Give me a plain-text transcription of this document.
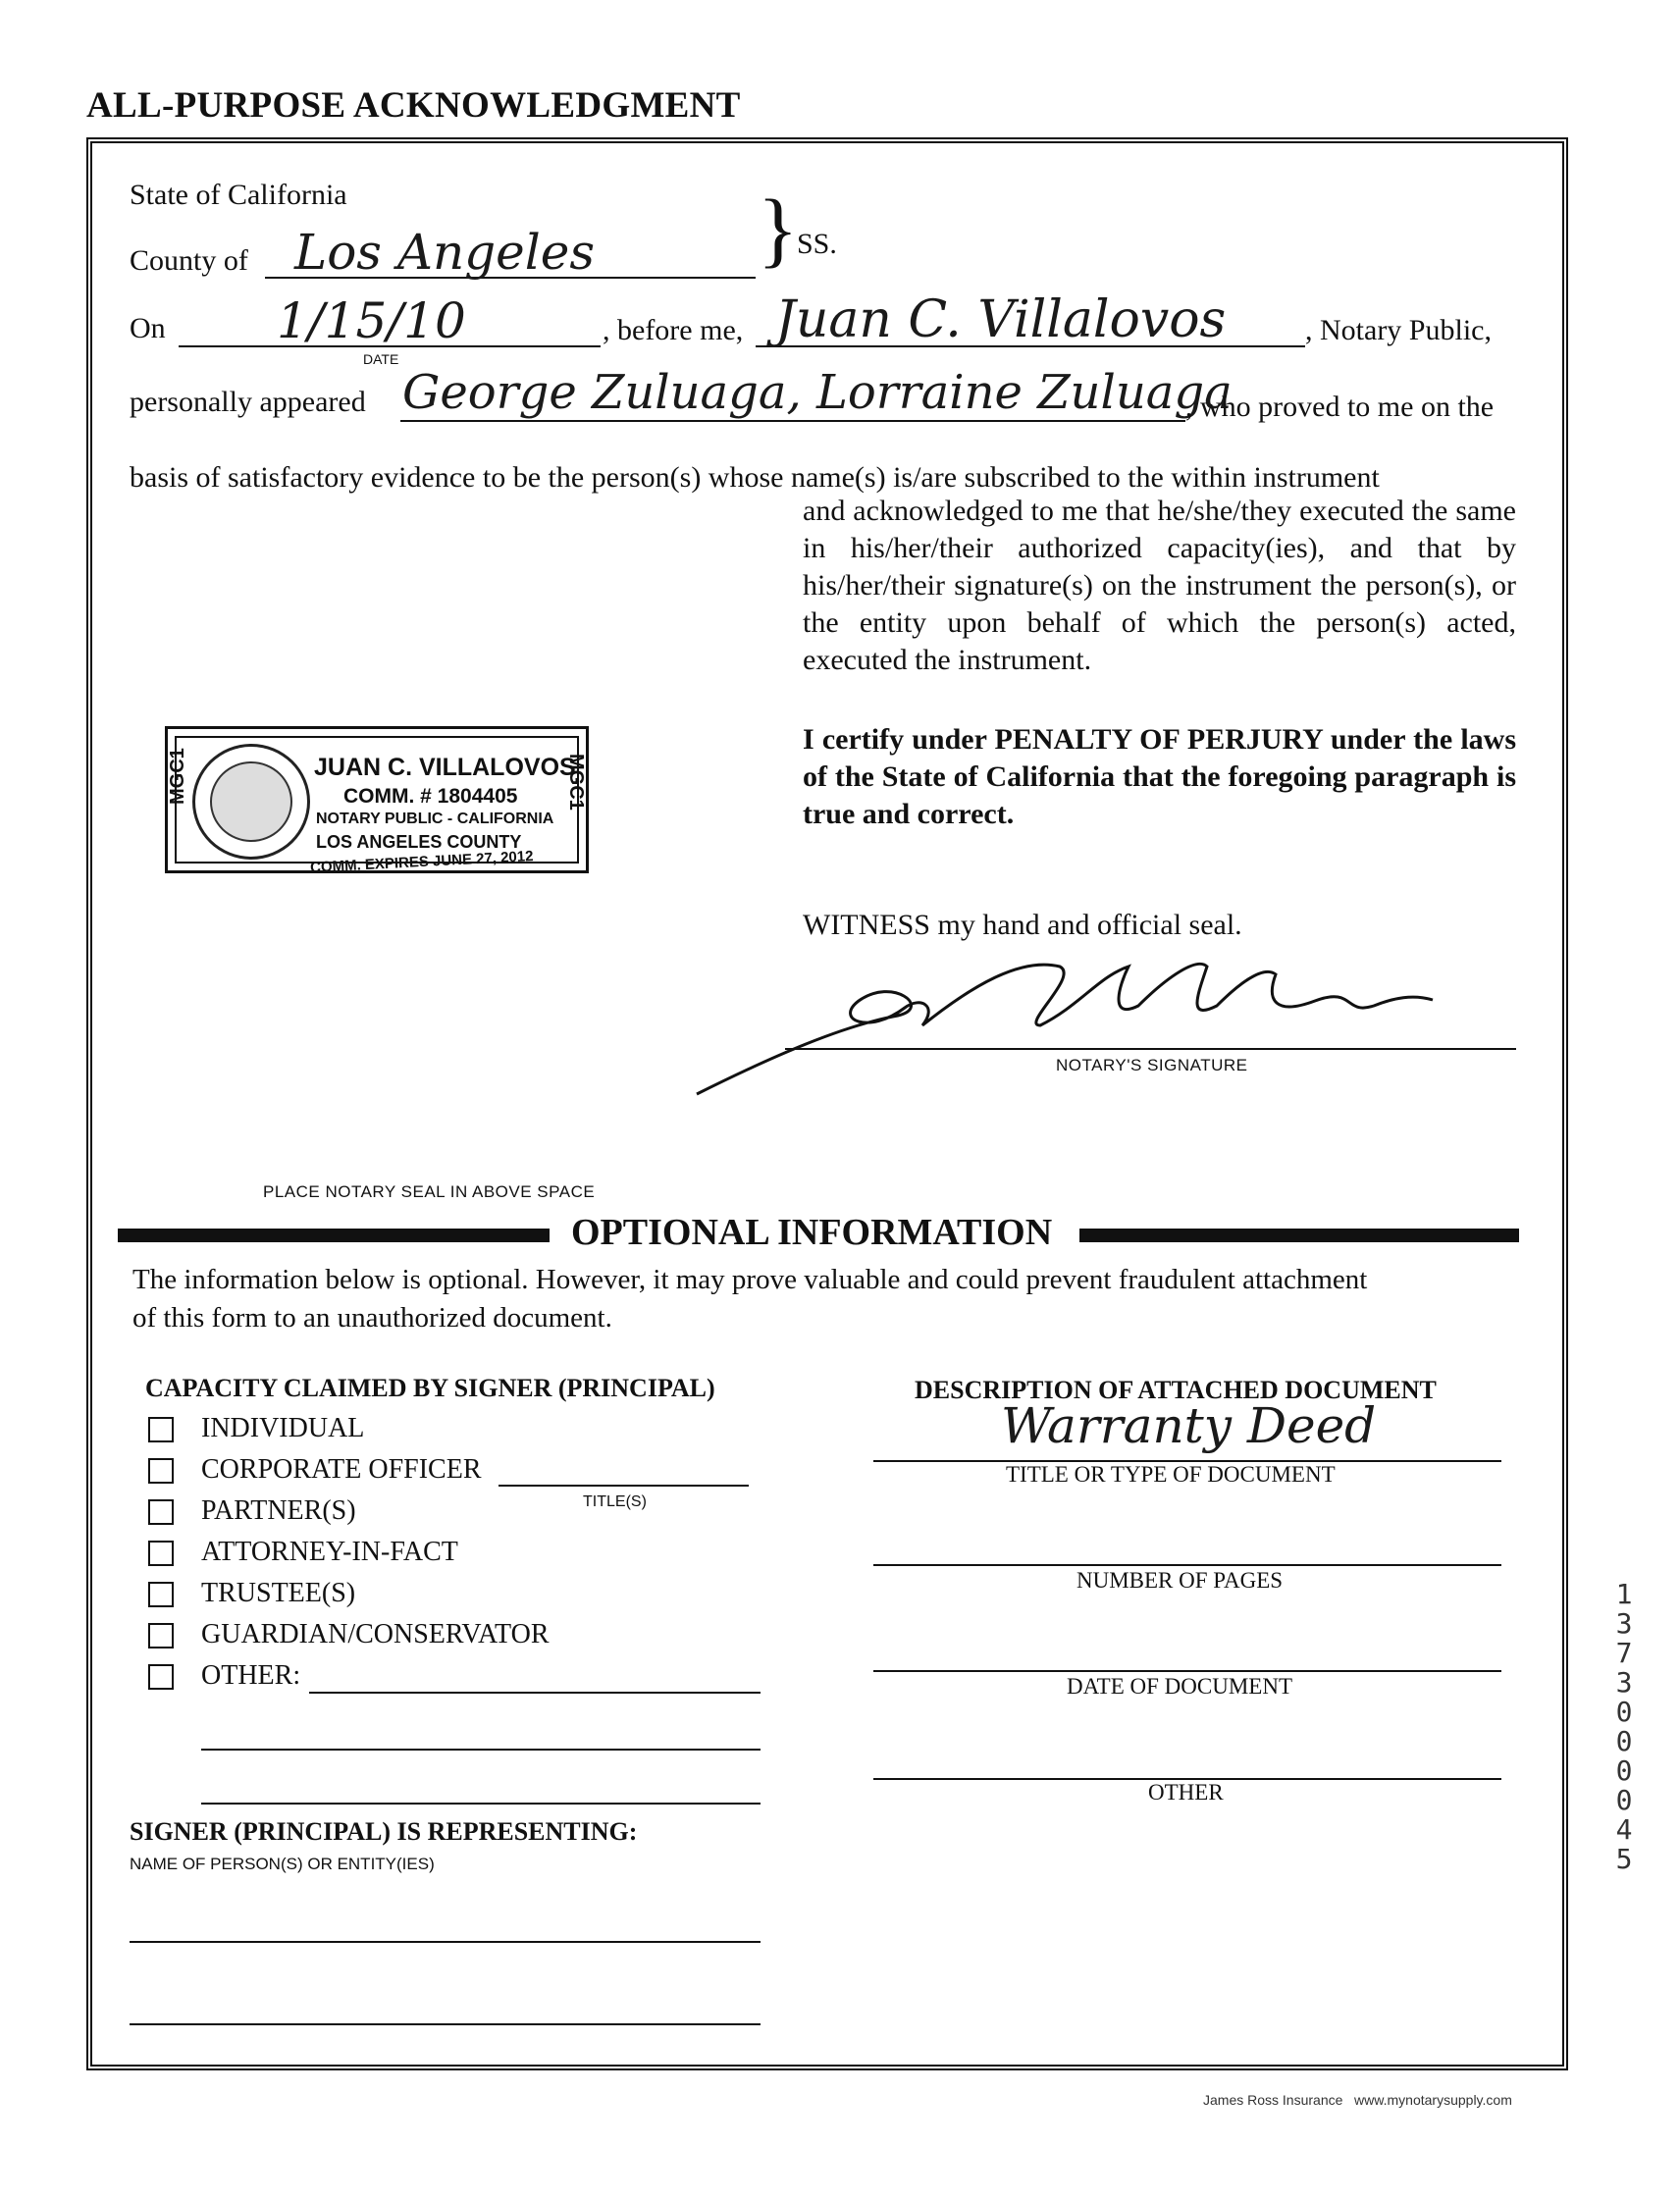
ALL-PURPOSE ACKNOWLEDGMENT
State of California
County of Los Angeles }
SS.
On 1/15/10
DATE
, before me, Juan C. Villalovos	, Notary Public,
personally appeared George Zuluaga, Lorraine Zuluaga
, who proved to me on the
basis of satisfactory evidence to be the person(s) whose name(s) is/are subscribed to the within instrument
and acknowledged to me that he/she/they executed the same in his/her/their authorized capacity(ies), and that by his/her/their signature(s) on the instrument the person(s), or the entity upon behalf of which the person(s) acted, executed the instrument.
I certify under PENALTY OF PERJURY under the laws of the State of California that the foregoing paragraph is true and correct.
MGC1	MGC1
JUAN C. VILLALOVOS
COMM. # 1804405
NOTARY PUBLIC - CALIFORNIA
LOS ANGELES COUNTY
COMM. EXPIRES JUNE 27, 2012
PLACE NOTARY SEAL IN ABOVE SPACE
WITNESS my hand and official seal.
NOTARY'S SIGNATURE
OPTIONAL INFORMATION
The information below is optional. However, it may prove valuable and could prevent fraudulent attachment
of this form to an unauthorized document.
CAPACITY CLAIMED BY SIGNER (PRINCIPAL)
INDIVIDUAL
CORPORATE OFFICER
TITLE(S)
PARTNER(S)
ATTORNEY-IN-FACT
TRUSTEE(S)
GUARDIAN/CONSERVATOR
OTHER:
DESCRIPTION OF ATTACHED DOCUMENT
Warranty Deed
TITLE OR TYPE OF DOCUMENT
NUMBER OF PAGES
DATE OF DOCUMENT
OTHER
SIGNER (PRINCIPAL) IS REPRESENTING:
NAME OF PERSON(S) OR ENTITY(IES)
James Ross Insurance   www.mynotarysupply.com
13730 00045
